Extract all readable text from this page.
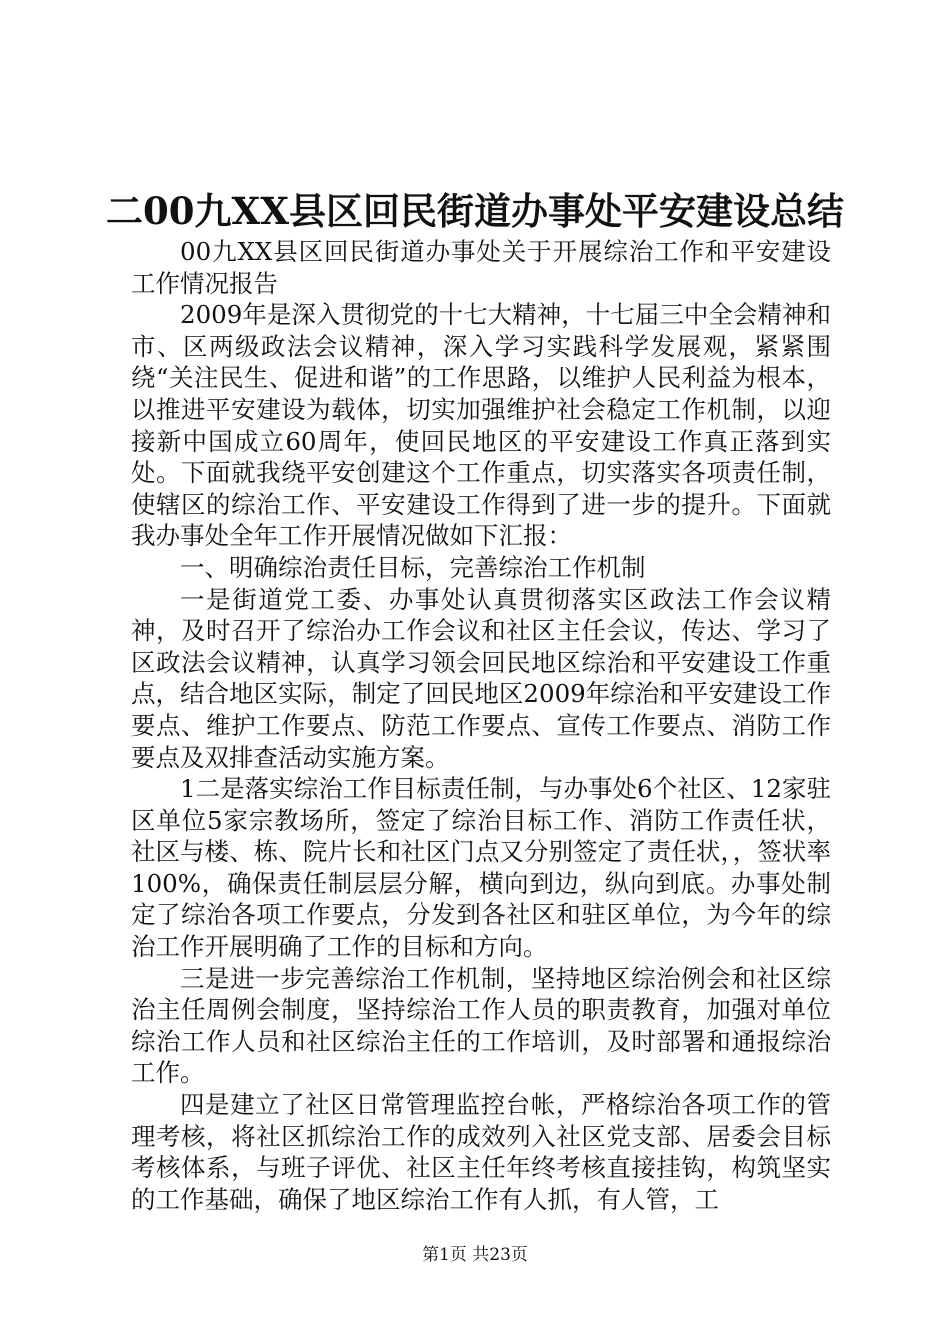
二00九XX县区回民街道办事处平安建设总结

00九XX县区回民街道办事处关于开展综治工作和平安建设工作情况报告

2009年是深入贯彻党的十七大精神，十七届三中全会精神和市、区两级政法会议精神，深入学习实践科学发展观，紧紧围绕“关注民生、促进和谐”的工作思路，以维护人民利益为根本，以推进平安建设为载体，切实加强维护社会稳定工作机制，以迎接新中国成立60周年，使回民地区的平安建设工作真正落到实处。下面就我绕平安创建这个工作重点，切实落实各项责任制，使辖区的综治工作、平安建设工作得到了进一步的提升。下面就我办事处全年工作开展情况做如下汇报：

一、明确综治责任目标，完善综治工作机制

一是街道党工委、办事处认真贯彻落实区政法工作会议精神，及时召开了综治办工作会议和社区主任会议，传达、学习了区政法会议精神，认真学习领会回民地区综治和平安建设工作重点，结合地区实际，制定了回民地区2009年综治和平安建设工作要点、维护工作要点、防范工作要点、宣传工作要点、消防工作要点及双排查活动实施方案。

1二是落实综治工作目标责任制，与办事处6个社区、12家驻区单位5家宗教场所，签定了综治目标工作、消防工作责任状，社区与楼、栋、院片长和社区门点又分别签定了责任状，，签状率100%，确保责任制层层分解，横向到边，纵向到底。办事处制定了综治各项工作要点，分发到各社区和驻区单位，为今年的综治工作开展明确了工作的目标和方向。

三是进一步完善综治工作机制，坚持地区综治例会和社区综治主任周例会制度，坚持综治工作人员的职责教育，加强对单位综治工作人员和社区综治主任的工作培训，及时部署和通报综治工作。

四是建立了社区日常管理监控台帐，严格综治各项工作的管理考核，将社区抓综治工作的成效列入社区党支部、居委会目标考核体系，与班子评优、社区主任年终考核直接挂钩，构筑坚实的工作基础，确保了地区综治工作有人抓，有人管，工

第1页 共23页
